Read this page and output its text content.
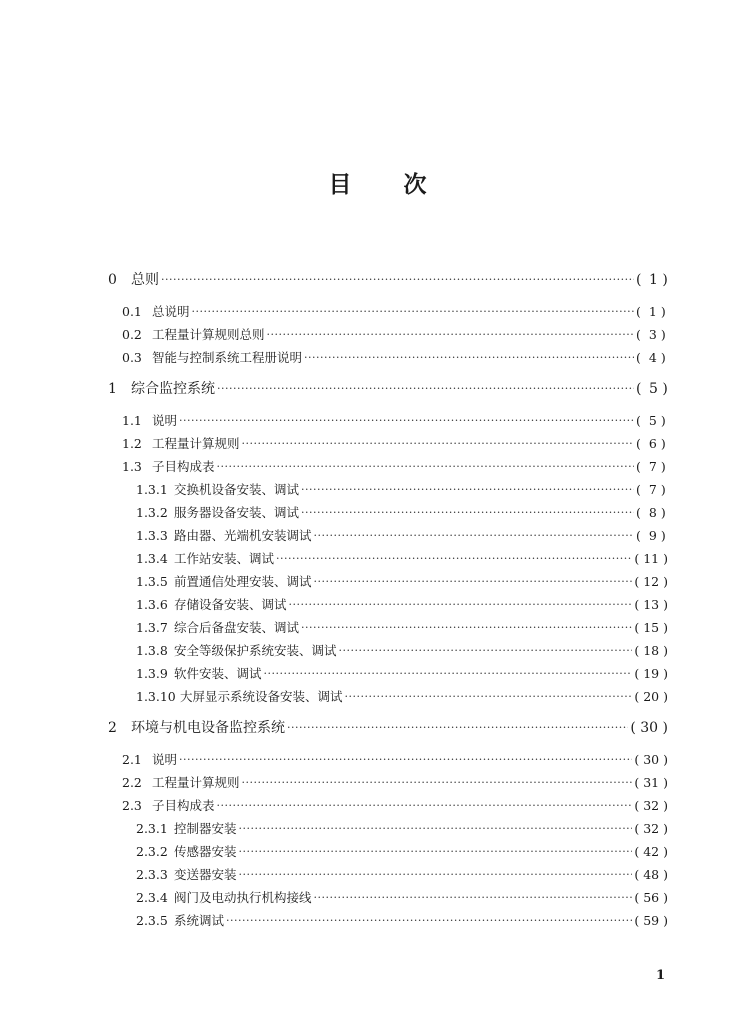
目 次
0	总则 ·····	( 1 )
0.1 总说明 ·····	( 1 )
0.2 工程量计算规则总则 ·····	( 3 )
0.3 智能与控制系统工程册说明 ·····	( 4 )
1	综合监控系统 ·····	( 5 )
1.1 说明 ·····	( 5 )
1.2 工程量计算规则 ·····	( 6 )
1.3 子目构成表 ·····	( 7 )
1.3.1 交换机设备安装、调试 ·····	( 7 )
1.3.2 服务器设备安装、调试 ·····	( 8 )
1.3.3 路由器、光端机安装调试 ·····	( 9 )
1.3.4 工作站安装、调试 ·····	( 11 )
1.3.5 前置通信处理安装、调试 ·····	( 12 )
1.3.6 存储设备安装、调试 ·····	( 13 )
1.3.7 综合后备盘安装、调试 ·····	( 15 )
1.3.8 安全等级保护系统安装、调试 ·····	( 18 )
1.3.9 软件安装、调试 ·····	( 19 )
1.3.10 大屏显示系统设备安装、调试 ·····	( 20 )
2	环境与机电设备监控系统 ·····	( 30 )
2.1 说明 ·····	( 30 )
2.2 工程量计算规则 ·····	( 31 )
2.3 子目构成表 ·····	( 32 )
2.3.1 控制器安装 ·····	( 32 )
2.3.2 传感器安装 ·····	( 42 )
2.3.3 变送器安装 ·····	( 48 )
2.3.4 阀门及电动执行机构接线 ·····	( 56 )
2.3.5 系统调试 ·····	( 59 )
1
